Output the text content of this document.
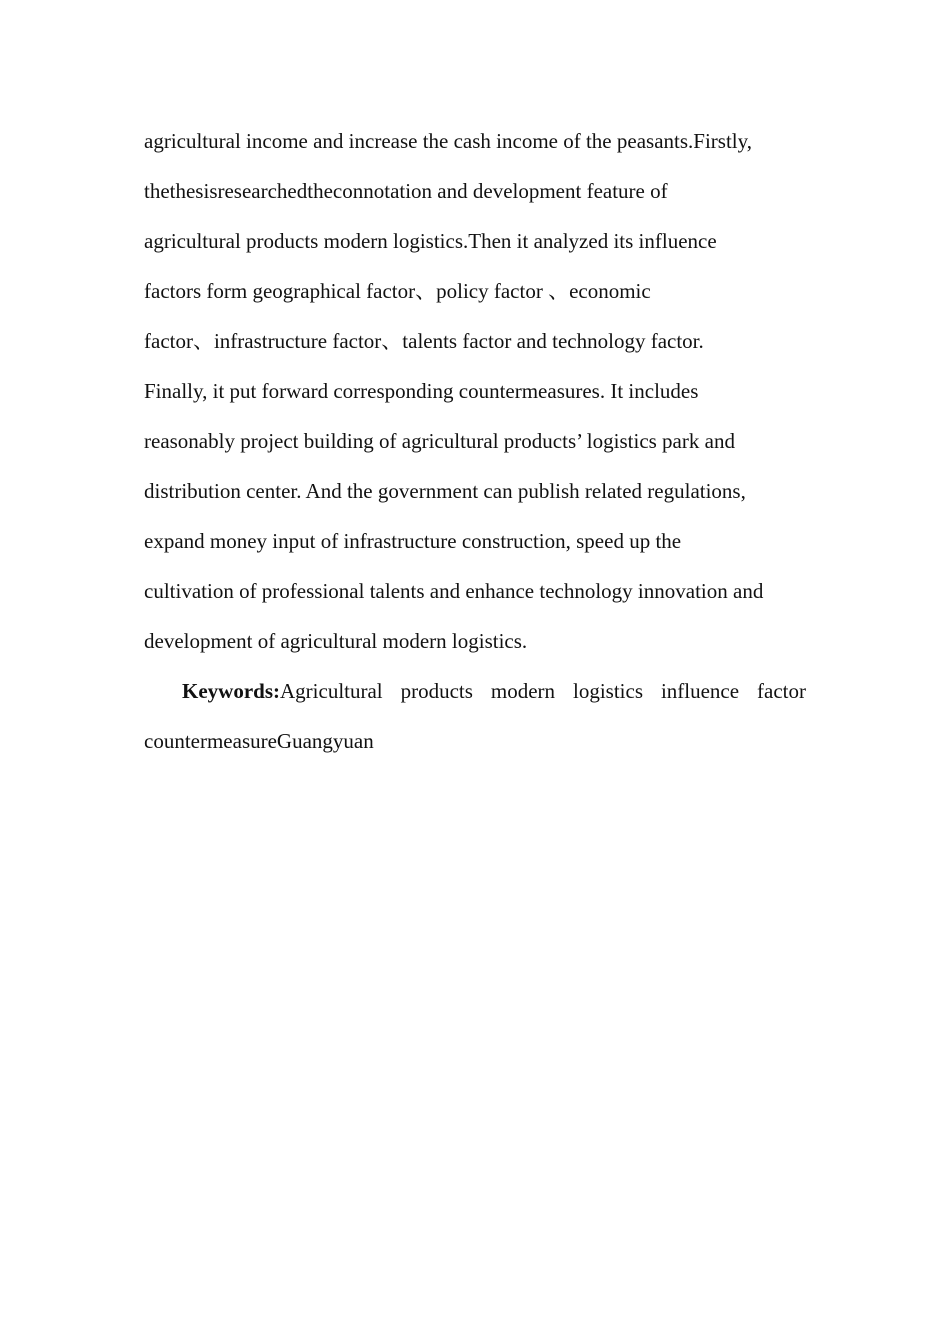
agricultural income and increase the cash income of the peasants.Firstly,
thethesisresearchedtheconnotation and development feature of
agricultural products modern logistics.Then it analyzed its influence
factors form geographical factor、policy factor 、economic
factor、infrastructure factor、talents factor and technology factor.
Finally, it put forward corresponding countermeasures. It includes
reasonably project building of agricultural products’ logistics park and
distribution center. And the government can publish related regulations,
expand money input of infrastructure construction, speed up the
cultivation of professional talents and enhance technology innovation and
development of agricultural modern logistics.
Keywords: Agricultural products modern logistics influence factor
countermeasureGuangyuan
